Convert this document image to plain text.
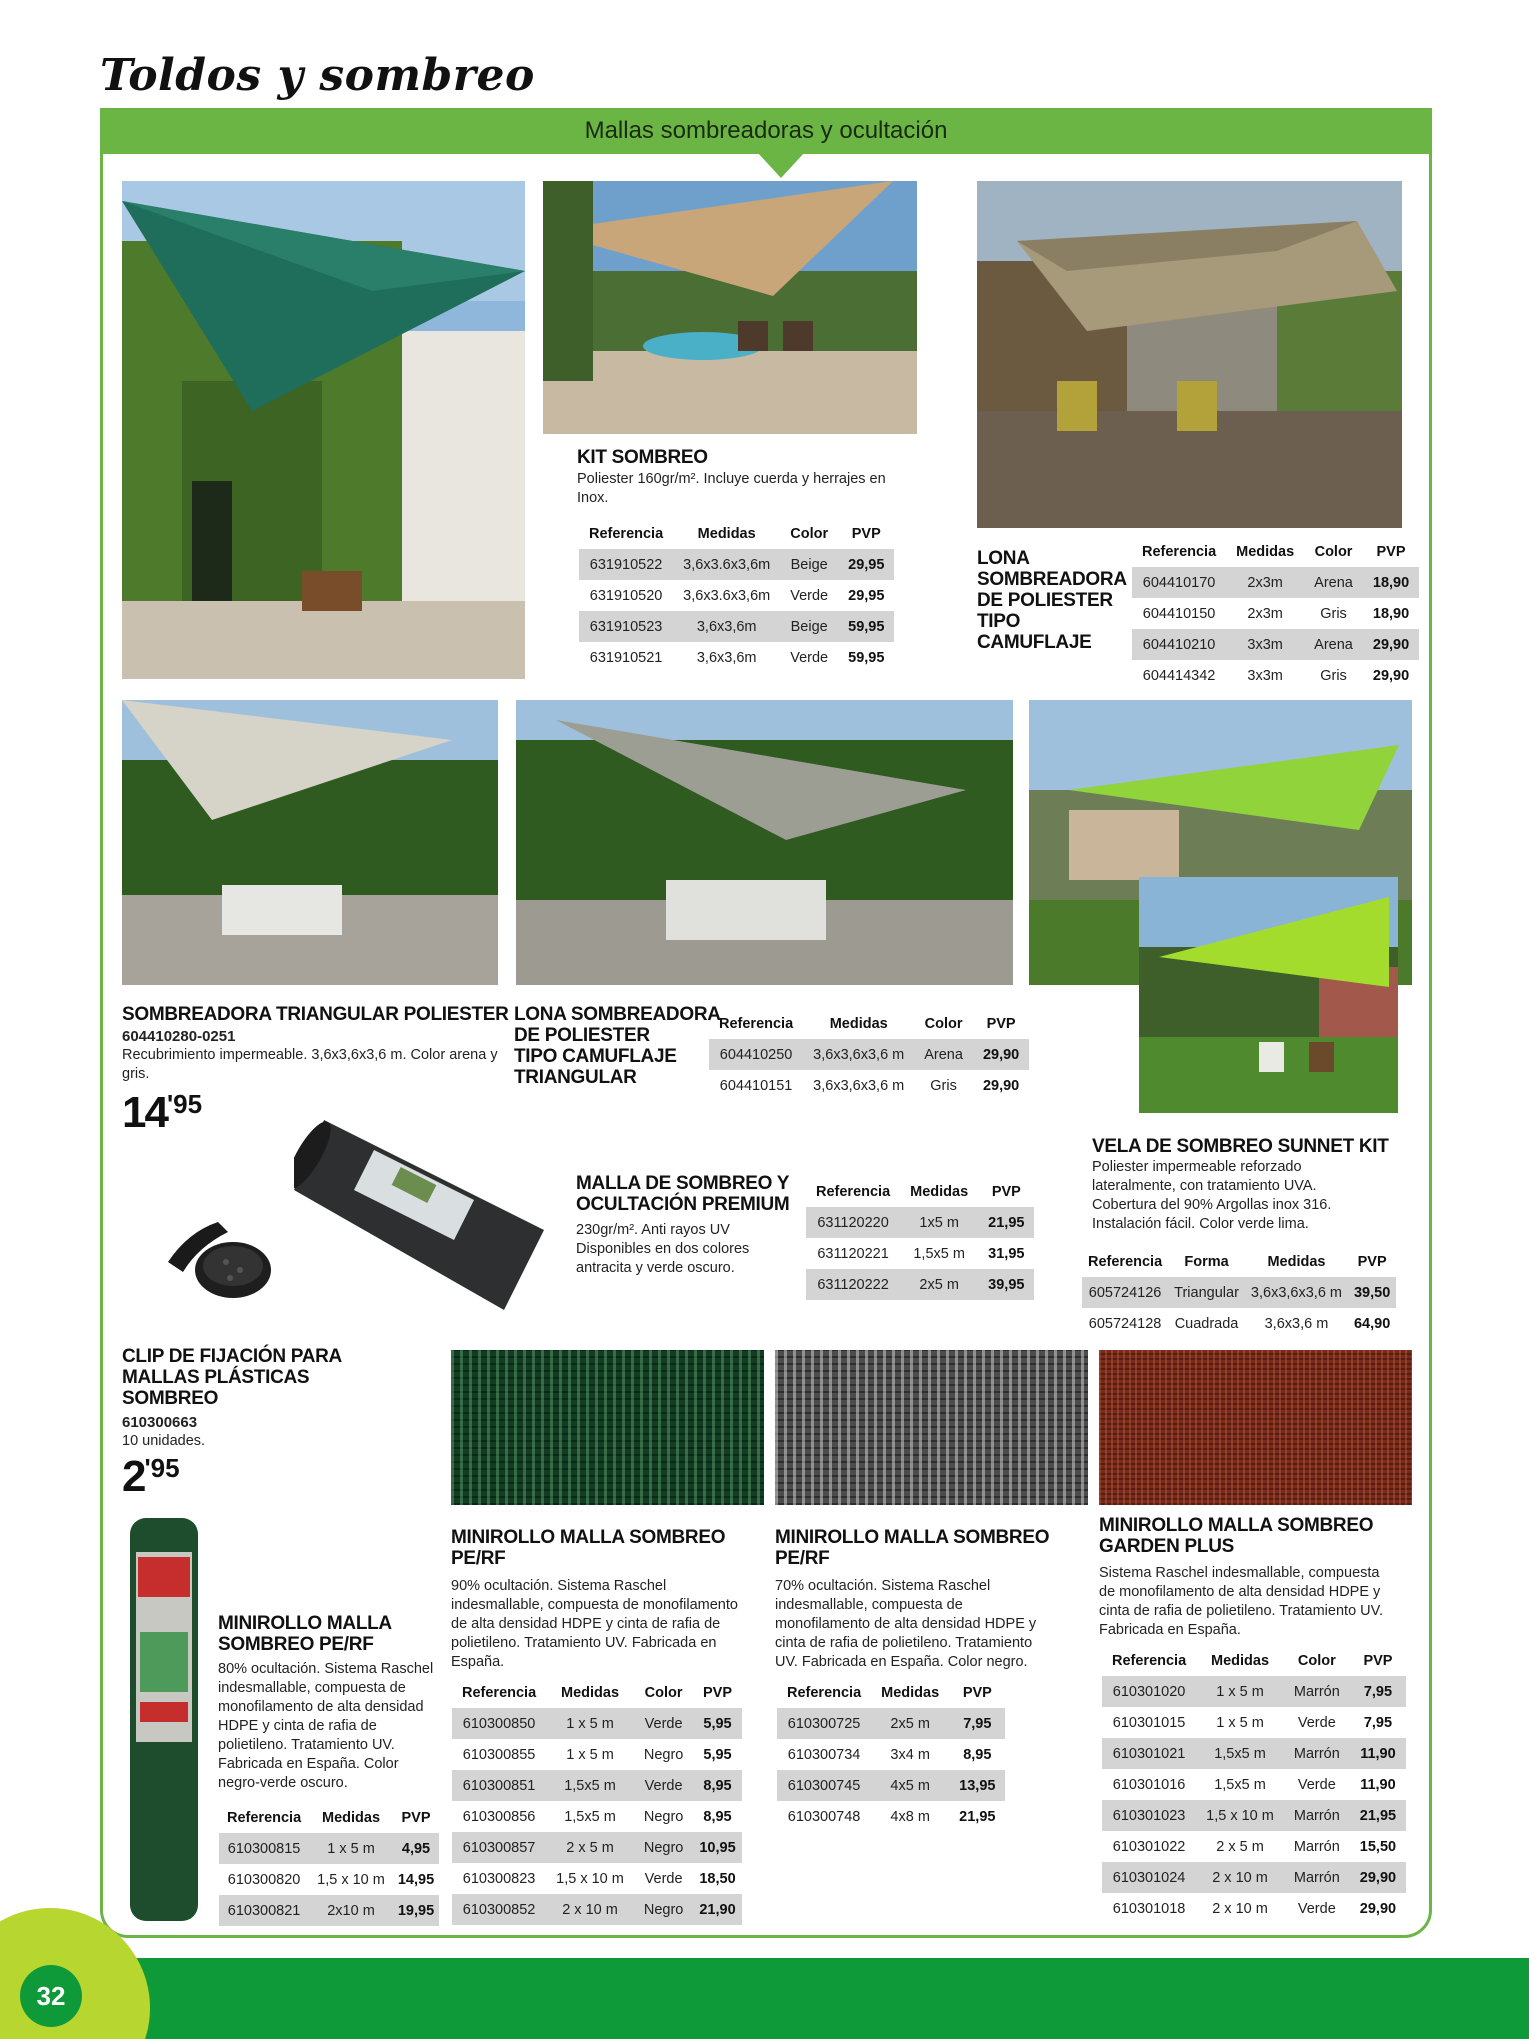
Toldos y sombreo
Mallas sombreadoras y ocultación
KIT SOMBREO
Poliester 160gr/m². Incluye cuerda y herrajes en Inox.
Referencia	Medidas	Color	PVP
631910522	3,6x3.6x3,6m	Beige	29,95
631910520	3,6x3.6x3,6m	Verde	29,95
631910523	3,6x3,6m	Beige	59,95
631910521	3,6x3,6m	Verde	59,95
LONA
SOMBREADORA
DE POLIESTER
TIPO
CAMUFLAJE
Referencia	Medidas	Color	PVP
604410170	2x3m	Arena	18,90
604410150	2x3m	Gris	18,90
604410210	3x3m	Arena	29,90
604414342	3x3m	Gris	29,90
SOMBREADORA TRIANGULAR POLIESTER
604410280-0251
Recubrimiento impermeable. 3,6x3,6x3,6 m. Color arena y gris.
$14^{'95}$
LONA SOMBREADORA
DE POLIESTER
TIPO CAMUFLAJE
TRIANGULAR
Referencia	Medidas	Color	PVP
604410250	3,6x3,6x3,6 m	Arena	29,90
604410151	3,6x3,6x3,6 m	Gris	29,90
VELA DE SOMBREO SUNNET KIT
Poliester impermeable reforzado lateralmente, con tratamiento UVA. Cobertura del 90% Argollas inox 316. Instalación fácil. Color verde lima.
Referencia	Forma	Medidas	PVP
605724126	Triangular	3,6x3,6x3,6 m	39,50
605724128	Cuadrada	3,6x3,6 m	64,90
MALLA DE SOMBREO Y
OCULTACIÓN PREMIUM
230gr/m². Anti rayos UV Disponibles en dos colores antracita y verde oscuro.
Referencia	Medidas	PVP
631120220	1x5 m	21,95
631120221	1,5x5 m	31,95
631120222	2x5 m	39,95
CLIP DE FIJACIÓN PARA
MALLAS PLÁSTICAS
SOMBREO
610300663
10 unidades.
$2^{'95}$
MINIROLLO MALLA
SOMBREO PE/RF
80% ocultación. Sistema Raschel indesmallable, compuesta de monofilamento de alta densidad HDPE y cinta de rafia de polietileno. Tratamiento UV. Fabricada en España. Color negro-verde oscuro.
Referencia	Medidas	PVP
610300815	1 x 5 m	4,95
610300820	1,5 x 10 m	14,95
610300821	2x10 m	19,95
MINIROLLO MALLA SOMBREO
PE/RF
90% ocultación. Sistema Raschel indesmallable, compuesta de monofilamento de alta densidad HDPE y cinta de rafia de polietileno. Tratamiento UV. Fabricada en España.
Referencia	Medidas	Color	PVP
610300850	1 x 5 m	Verde	5,95
610300855	1 x 5 m	Negro	5,95
610300851	1,5x5 m	Verde	8,95
610300856	1,5x5 m	Negro	8,95
610300857	2 x 5 m	Negro	10,95
610300823	1,5 x 10 m	Verde	18,50
610300852	2 x 10 m	Negro	21,90
MINIROLLO MALLA SOMBREO
PE/RF
70% ocultación. Sistema Raschel indesmallable, compuesta de monofilamento de alta densidad HDPE y cinta de rafia de polietileno. Tratamiento UV. Fabricada en España. Color negro.
Referencia	Medidas	PVP
610300725	2x5 m	7,95
610300734	3x4 m	8,95
610300745	4x5 m	13,95
610300748	4x8 m	21,95
MINIROLLO MALLA SOMBREO
GARDEN PLUS
Sistema Raschel indesmallable, compuesta de monofilamento de alta densidad HDPE y cinta de rafia de polietileno. Tratamiento UV. Fabricada en España.
Referencia	Medidas	Color	PVP
610301020	1 x 5 m	Marrón	7,95
610301015	1 x 5 m	Verde	7,95
610301021	1,5x5 m	Marrón	11,90
610301016	1,5x5 m	Verde	11,90
610301023	1,5 x 10 m	Marrón	21,95
610301022	2 x 5 m	Marrón	15,50
610301024	2 x 10 m	Marrón	29,90
610301018	2 x 10 m	Verde	29,90
32
